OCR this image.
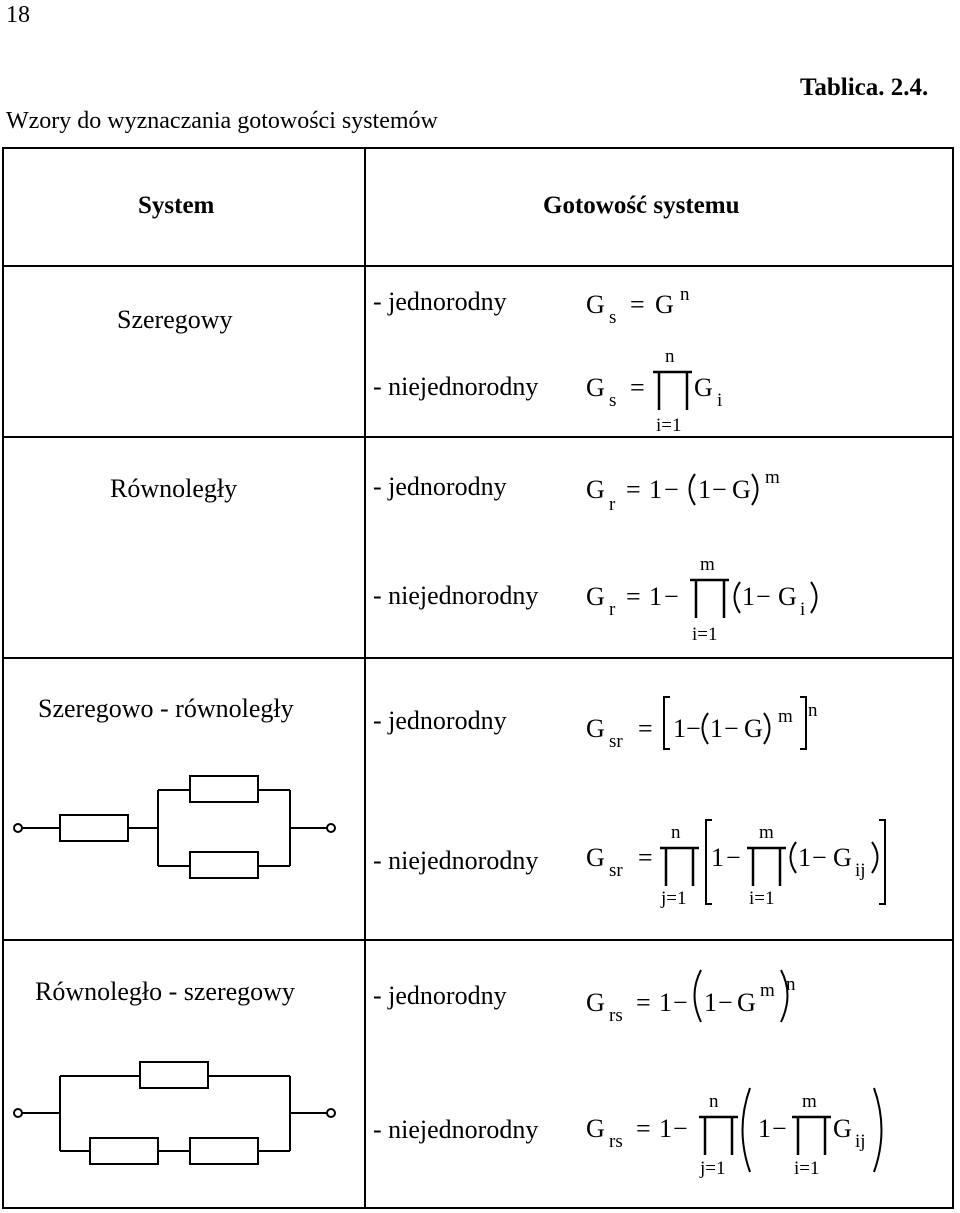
18
Wzory do wyznaczania gotowości systemów
Tablica. 2.4.
G s = G n
G s =
n
i=1
G i
G
r
= 1 − 1 − G m
G r = 1 −
m
i=1
1 − G i
G sr = 1 − 1 − G m n
G sr =
n
j=1
1 −
m
i=1
1 − G ij
G rs = 1 − 1 − G m n
G rs = 1 −
n
j=1
1 −
m
i=1
G ij
System	Gotowość systemu
Szeregowy
Równoległy
Szeregowo - równoległy
Równoległo - szeregowy
- jednorodny
- niejednorodny
- jednorodny
- niejednorodny
- jednorodny
- niejednorodny
- jednorodny
- niejednorodny
